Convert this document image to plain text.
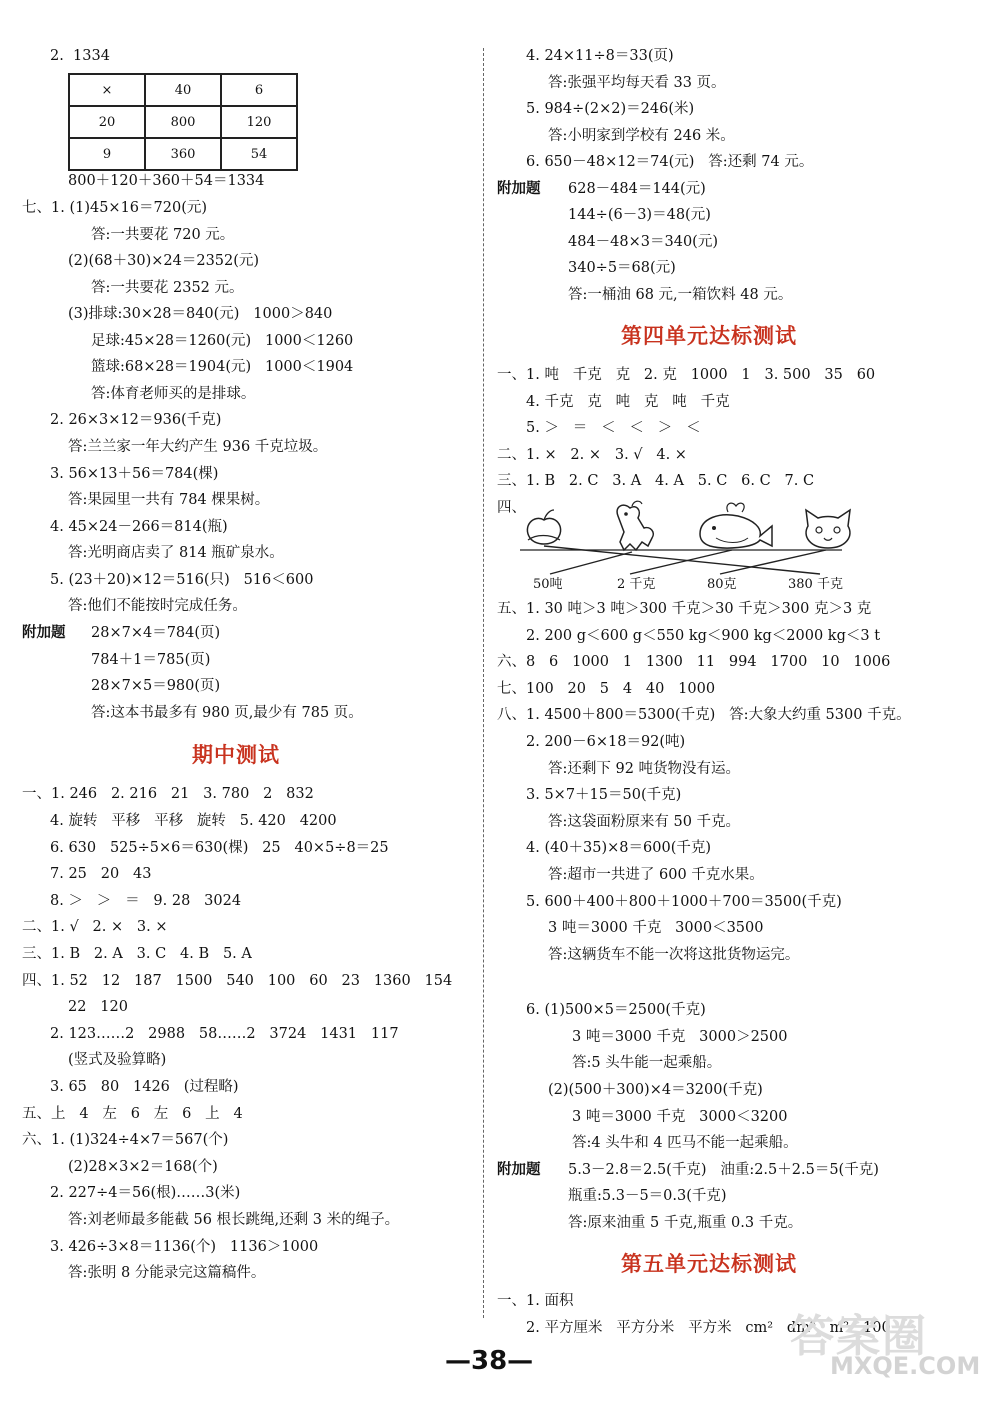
2.  1334
×	40	6
20	800	120
9	360	54
800＋120＋360＋54＝1334
七、1. (1)45×16＝720(元)
答:一共要花 720 元。
(2)(68＋30)×24＝2352(元)
答:一共要花 2352 元。
(3)排球:30×28＝840(元)   1000＞840
足球:45×28＝1260(元)   1000＜1260
篮球:68×28＝1904(元)   1000＜1904
答:体育老师买的是排球。
2. 26×3×12＝936(千克)
答:兰兰家一年大约产生 936 千克垃圾。
3. 56×13＋56＝784(棵)
答:果园里一共有 784 棵果树。
4. 45×24－266＝814(瓶)
答:光明商店卖了 814 瓶矿泉水。
5. (23＋20)×12＝516(只)   516＜600
答:他们不能按时完成任务。
附加题 28×7×4＝784(页)
784＋1＝785(页)
28×7×5＝980(页)
答:这本书最多有 980 页,最少有 785 页。
期中测试
一、1. 246   2. 216   21   3. 780   2   832
4. 旋转   平移   平移   旋转   5. 420   4200
6. 630   525÷5×6＝630(棵)   25   40×5÷8＝25
7. 25   20   43
8. ＞   ＞   ＝   9. 28   3024
二、1. √   2. ×   3. ×
三、1. B   2. A   3. C   4. B   5. A
四、1. 52   12   187   1500   540   100   60   23   1360   154
22   120
2. 123……2   2988   58……2   3724   1431   117
(竖式及验算略)
3. 65   80   1426   (过程略)
五、上   4   左   6   左   6   上   4
六、1. (1)324÷4×7＝567(个)
(2)28×3×2＝168(个)
2. 227÷4＝56(根)……3(米)
答:刘老师最多能截 56 根长跳绳,还剩 3 米的绳子。
3. 426÷3×8＝1136(个)   1136＞1000
答:张明 8 分能录完这篇稿件。
4. 24×11÷8＝33(页)
答:张强平均每天看 33 页。
5. 984÷(2×2)＝246(米)
答:小明家到学校有 246 米。
6. 650－48×12＝74(元)   答:还剩 74 元。
附加题 628－484＝144(元)
144÷(6－3)＝48(元)
484－48×3＝340(元)
340÷5＝68(元)
答:一桶油 68 元,一箱饮料 48 元。
第四单元达标测试
一、1. 吨   千克   克   2. 克   1000   1   3. 500   35   60
4. 千克   克   吨   克   吨   千克
5. ＞   ＝   ＜   ＜   ＞   ＜
二、1. ×   2. ×   3. √   4. ×
三、1. B   2. C   3. A   4. A   5. C   6. C   7. C
四、
50吨	2 千克	80克	380 千克
五、1. 30 吨＞3 吨＞300 千克＞30 千克＞300 克＞3 克
2. 200 g＜600 g＜550 kg＜900 kg＜2000 kg＜3 t
六、8   6   1000   1   1300   11   994   1700   10   1006
七、100   20   5   4   40   1000
八、1. 4500＋800＝5300(千克)   答:大象大约重 5300 千克。
2. 200－6×18＝92(吨)
答:还剩下 92 吨货物没有运。
3. 5×7＋15＝50(千克)
答:这袋面粉原来有 50 千克。
4. (40＋35)×8＝600(千克)
答:超市一共进了 600 千克水果。
5. 600＋400＋800＋1000＋700＝3500(千克)
3 吨＝3000 千克   3000＜3500
答:这辆货车不能一次将这批货物运完。
6. (1)500×5＝2500(千克)
3 吨＝3000 千克   3000＞2500
答:5 头牛能一起乘船。
(2)(500＋300)×4＝3200(千克)
3 吨＝3000 千克   3000＜3200
答:4 头牛和 4 匹马不能一起乘船。
附加题 5.3－2.8＝2.5(千克)   油重:2.5＋2.5＝5(千克)
瓶重:5.3－5＝0.3(千克)
答:原来油重 5 千克,瓶重 0.3 千克。
第五单元达标测试
一、1. 面积
2. 平方厘米   平方分米   平方米   cm²   dm²   m²   100
—38—	答案圈
MXQE.COM
